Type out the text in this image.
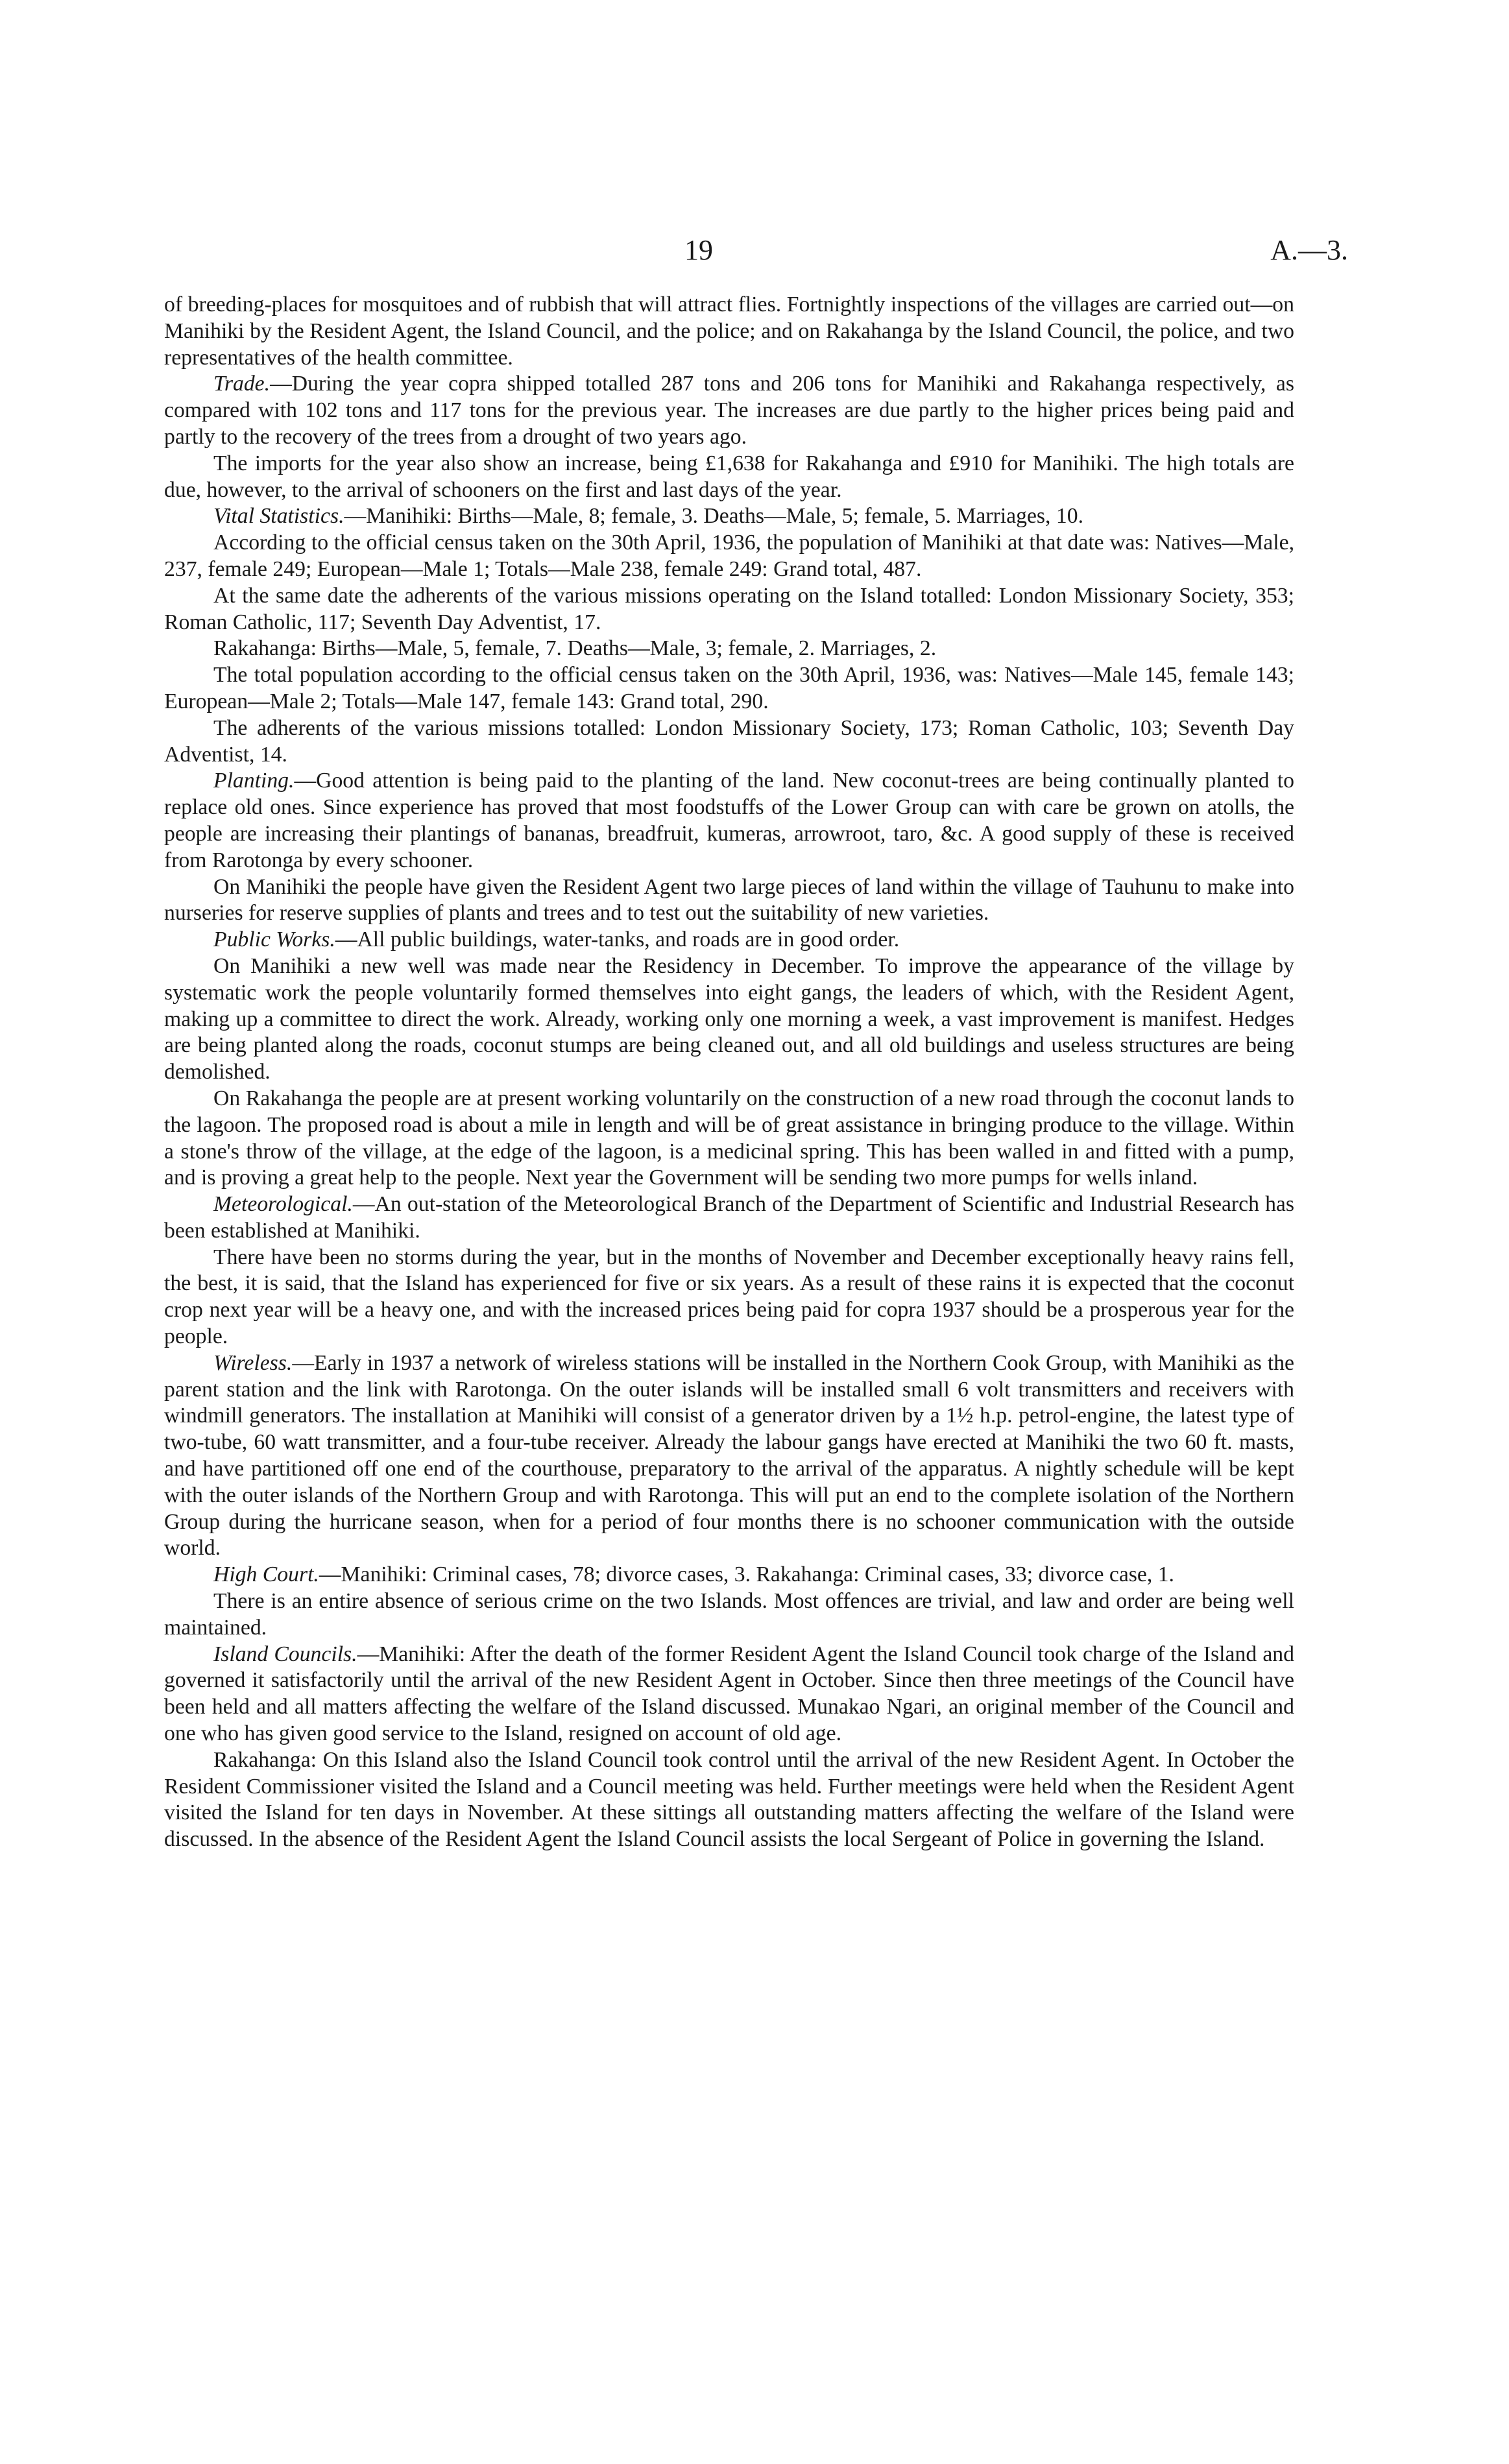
19	A.—3.

of breeding-places for mosquitoes and of rubbish that will attract flies. Fortnightly inspections of the villages are carried out—on Manihiki by the Resident Agent, the Island Council, and the police; and on Rakahanga by the Island Council, the police, and two representatives of the health committee.

Trade.—During the year copra shipped totalled 287 tons and 206 tons for Manihiki and Rakahanga respectively, as compared with 102 tons and 117 tons for the previous year. The increases are due partly to the higher prices being paid and partly to the recovery of the trees from a drought of two years ago.

The imports for the year also show an increase, being £1,638 for Rakahanga and £910 for Manihiki. The high totals are due, however, to the arrival of schooners on the first and last days of the year.

Vital Statistics.—Manihiki: Births—Male, 8; female, 3. Deaths—Male, 5; female, 5. Marriages, 10.

According to the official census taken on the 30th April, 1936, the population of Manihiki at that date was: Natives—Male, 237, female 249; European—Male 1; Totals—Male 238, female 249: Grand total, 487.

At the same date the adherents of the various missions operating on the Island totalled: London Missionary Society, 353; Roman Catholic, 117; Seventh Day Adventist, 17.

Rakahanga: Births—Male, 5, female, 7. Deaths—Male, 3; female, 2. Marriages, 2.

The total population according to the official census taken on the 30th April, 1936, was: Natives—Male 145, female 143; European—Male 2; Totals—Male 147, female 143: Grand total, 290.

The adherents of the various missions totalled: London Missionary Society, 173; Roman Catholic, 103; Seventh Day Adventist, 14.

Planting.—Good attention is being paid to the planting of the land. New coconut-trees are being continually planted to replace old ones. Since experience has proved that most foodstuffs of the Lower Group can with care be grown on atolls, the people are increasing their plantings of bananas, breadfruit, kumeras, arrowroot, taro, &c. A good supply of these is received from Rarotonga by every schooner.

On Manihiki the people have given the Resident Agent two large pieces of land within the village of Tauhunu to make into nurseries for reserve supplies of plants and trees and to test out the suitability of new varieties.

Public Works.—All public buildings, water-tanks, and roads are in good order.

On Manihiki a new well was made near the Residency in December. To improve the appearance of the village by systematic work the people voluntarily formed themselves into eight gangs, the leaders of which, with the Resident Agent, making up a committee to direct the work. Already, working only one morning a week, a vast improvement is manifest. Hedges are being planted along the roads, coconut stumps are being cleaned out, and all old buildings and useless structures are being demolished.

On Rakahanga the people are at present working voluntarily on the construction of a new road through the coconut lands to the lagoon. The proposed road is about a mile in length and will be of great assistance in bringing produce to the village. Within a stone's throw of the village, at the edge of the lagoon, is a medicinal spring. This has been walled in and fitted with a pump, and is proving a great help to the people. Next year the Government will be sending two more pumps for wells inland.

Meteorological.—An out-station of the Meteorological Branch of the Department of Scientific and Industrial Research has been established at Manihiki.

There have been no storms during the year, but in the months of November and December exceptionally heavy rains fell, the best, it is said, that the Island has experienced for five or six years. As a result of these rains it is expected that the coconut crop next year will be a heavy one, and with the increased prices being paid for copra 1937 should be a prosperous year for the people.

Wireless.—Early in 1937 a network of wireless stations will be installed in the Northern Cook Group, with Manihiki as the parent station and the link with Rarotonga. On the outer islands will be installed small 6 volt transmitters and receivers with windmill generators. The installation at Manihiki will consist of a generator driven by a 1½ h.p. petrol-engine, the latest type of two-tube, 60 watt transmitter, and a four-tube receiver. Already the labour gangs have erected at Manihiki the two 60 ft. masts, and have partitioned off one end of the courthouse, preparatory to the arrival of the apparatus. A nightly schedule will be kept with the outer islands of the Northern Group and with Rarotonga. This will put an end to the complete isolation of the Northern Group during the hurricane season, when for a period of four months there is no schooner communication with the outside world.

High Court.—Manihiki: Criminal cases, 78; divorce cases, 3. Rakahanga: Criminal cases, 33; divorce case, 1.

There is an entire absence of serious crime on the two Islands. Most offences are trivial, and law and order are being well maintained.

Island Councils.—Manihiki: After the death of the former Resident Agent the Island Council took charge of the Island and governed it satisfactorily until the arrival of the new Resident Agent in October. Since then three meetings of the Council have been held and all matters affecting the welfare of the Island discussed. Munakao Ngari, an original member of the Council and one who has given good service to the Island, resigned on account of old age.

Rakahanga: On this Island also the Island Council took control until the arrival of the new Resident Agent. In October the Resident Commissioner visited the Island and a Council meeting was held. Further meetings were held when the Resident Agent visited the Island for ten days in November. At these sittings all outstanding matters affecting the welfare of the Island were discussed. In the absence of the Resident Agent the Island Council assists the local Sergeant of Police in governing the Island.
